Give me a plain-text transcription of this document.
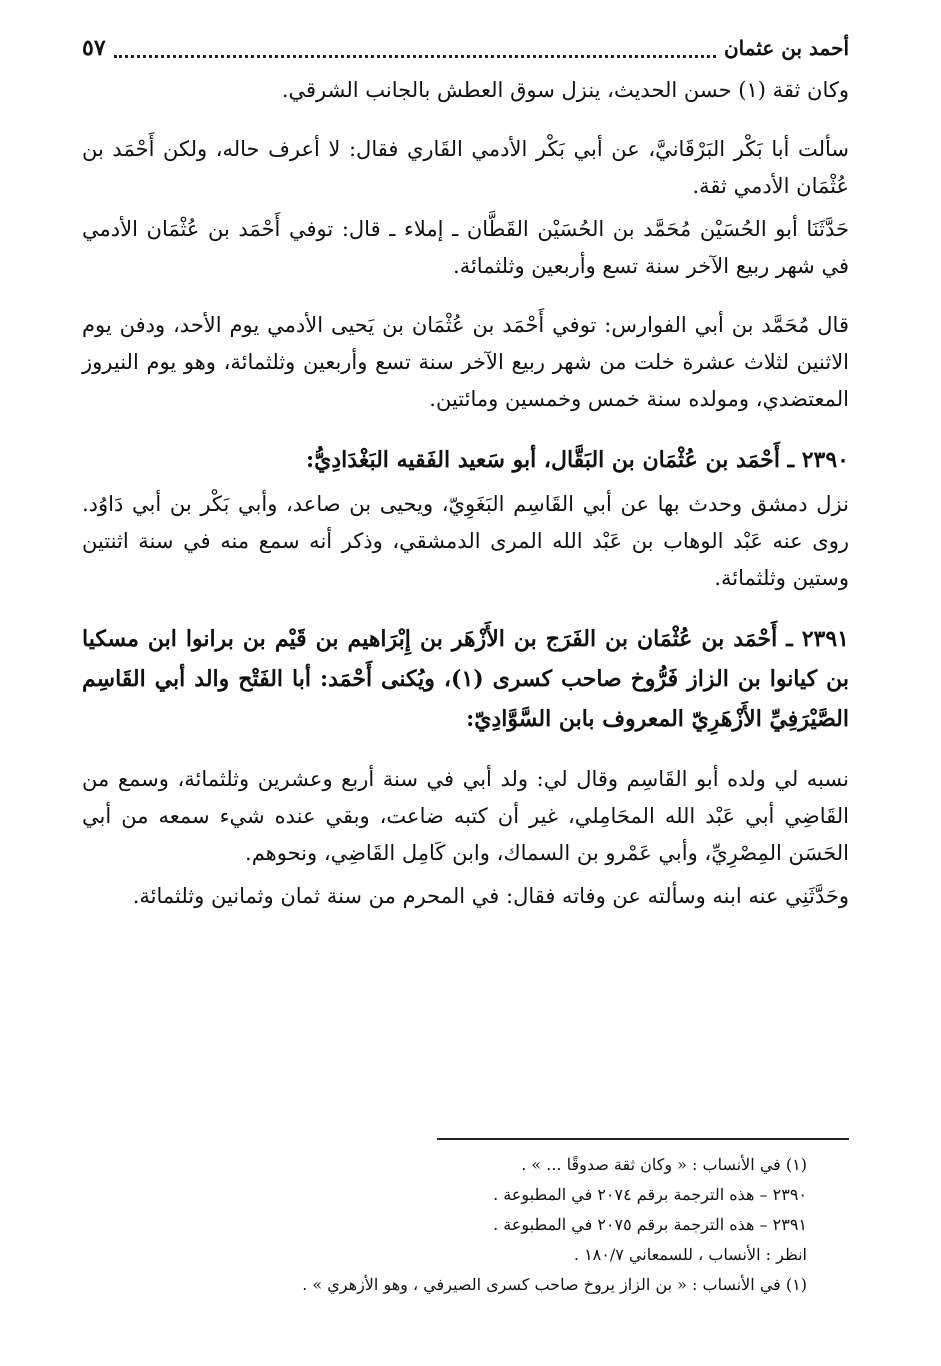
أحمد بن عثمان
٥٧

وكان ثقة (١) حسن الحديث، ينزل سوق العطش بالجانب الشرقي.

سألت أبا بَكْر البَرْقَانيَّ، عن أبي بَكْر الأدمي القَاري فقال: لا أعرف حاله، ولكن أَحْمَد بن عُثْمَان الأدمي ثقة.

حَدَّثَنَا أبو الحُسَيْن مُحَمَّد بن الحُسَيْن القَطَّان ـ إملاء ـ قال: توفي أَحْمَد بن عُثْمَان الأدمي في شهر ربيع الآخر سنة تسع وأربعين وثلثمائة.

قال مُحَمَّد بن أبي الفوارس: توفي أَحْمَد بن عُثْمَان بن يَحيى الأدمي يوم الأحد، ودفن يوم الاثنين لثلاث عشرة خلت من شهر ربيع الآخر سنة تسع وأربعين وثلثمائة، وهو يوم النيروز المعتضدي، ومولده سنة خمس وخمسين ومائتين.

٢٣٩٠ ـ أَحْمَد بن عُثْمَان بن البَقَّال، أبو سَعيد الفَقيه البَغْدَادِيُّ:

نزل دمشق وحدث بها عن أبي القَاسِم البَغَوِيّ، ويحيى بن صاعد، وأبي بَكْر بن أبي دَاوُد. روى عنه عَبْد الوهاب بن عَبْد الله المرى الدمشقي، وذكر أنه سمع منه في سنة اثنتين وستين وثلثمائة.

٢٣٩١ ـ أَحْمَد بن عُثْمَان بن الفَرَج بن الأَزْهَر بن إِبْرَاهيم بن قَيْم بن برانوا ابن مسكيا بن كيانوا بن الزاز فَرُّوخ صاحب كسرى (١)، ويُكنى أَحْمَد: أبا الفَتْح والد أبي القَاسِم الصَّيْرَفِيِّ الأَزْهَرِيّ المعروف بابن السَّوَّادِيّ:

نسبه لي ولده أبو القَاسِم وقال لي: ولد أبي في سنة أربع وعشرين وثلثمائة، وسمع من القَاضِي أبي عَبْد الله المحَامِلي، غير أن كتبه ضاعت، وبقي عنده شيء سمعه من أبي الحَسَن المِصْرِيِّ، وأبي عَمْرو بن السماك، وابن كَامِل القَاضِي، ونحوهم.

وحَدَّثَنِي عنه ابنه وسألته عن وفاته فقال: في المحرم من سنة ثمان وثمانين وثلثمائة.

(١) في الأنساب : « وكان ثقة صدوقًا ... » .
٢٣٩٠ – هذه الترجمة برقم ٢٠٧٤ في المطبوعة .
٢٣٩١ – هذه الترجمة برقم ٢٠٧٥ في المطبوعة .
انظر : الأنساب ، للسمعاني ١٨٠/٧ .
(١) في الأنساب : « بن الزاز يروخ صاحب كسرى الصيرفي ، وهو الأزهري » .
